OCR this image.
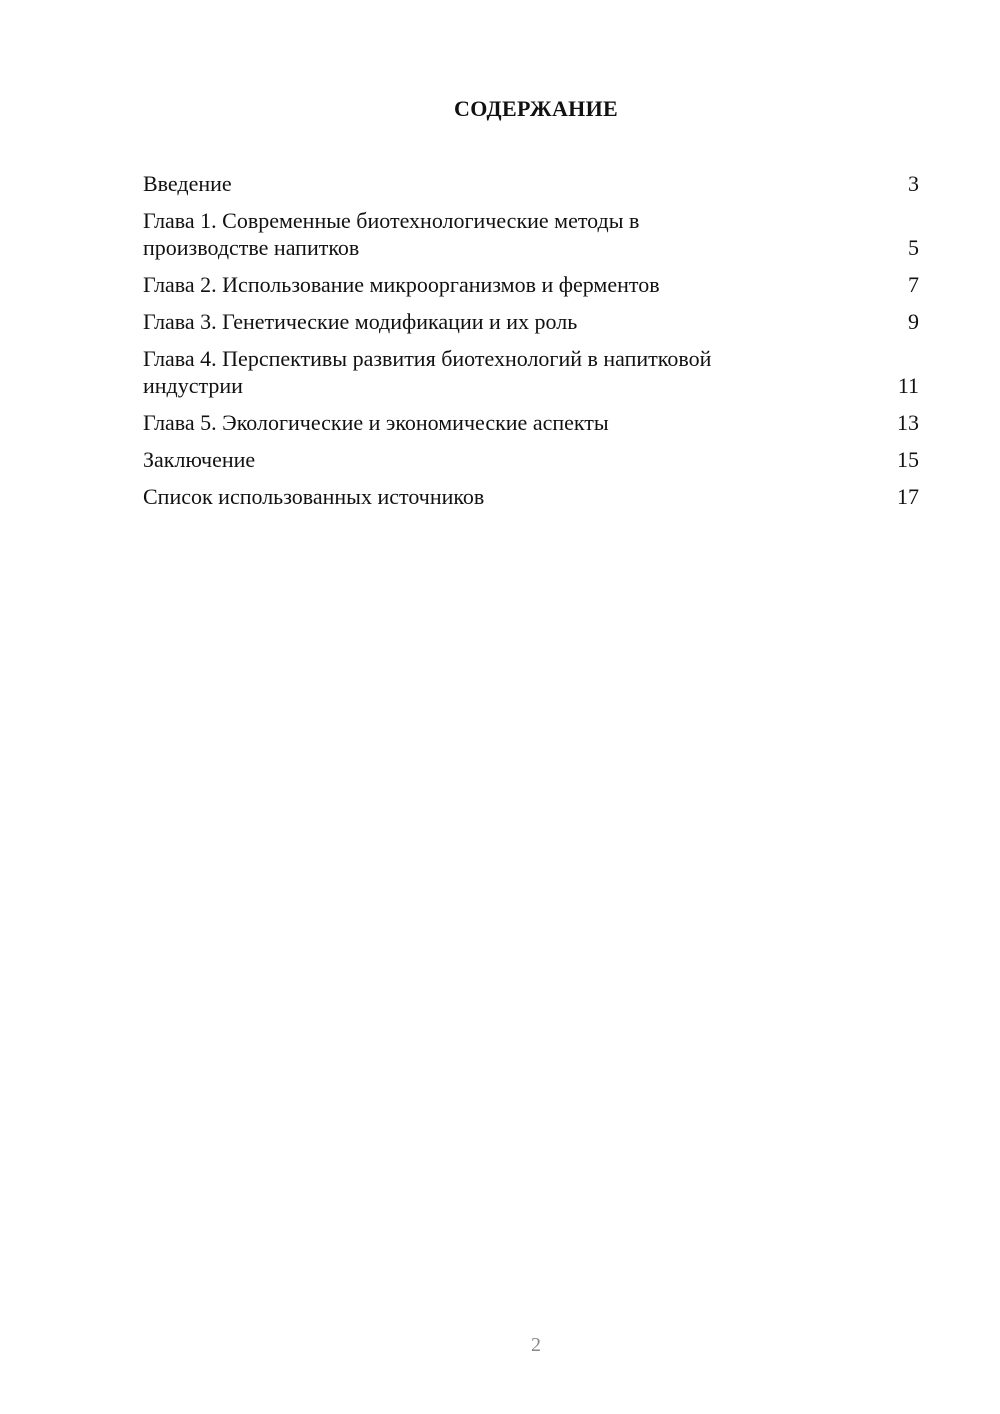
СОДЕРЖАНИЕ
Введение	3
Глава 1. Современные биотехнологические методы в производстве напитков	5
Глава 2. Использование микроорганизмов и ферментов	7
Глава 3. Генетические модификации и их роль	9
Глава 4. Перспективы развития биотехнологий в напитковой индустрии	11
Глава 5. Экологические и экономические аспекты	13
Заключение	15
Список использованных источников	17
2
